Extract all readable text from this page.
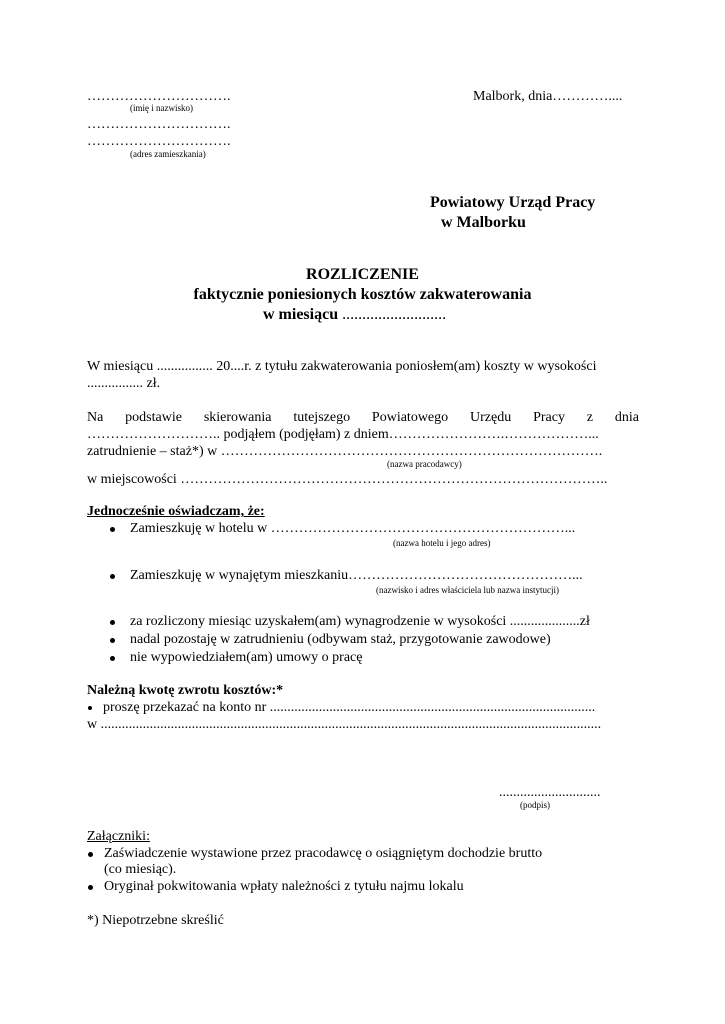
………………………….
(imię i nazwisko)
………………………….
………………………….
(adres zamieszkania)
Malbork, dnia…………....
Powiatowy Urząd Pracy
w Malborku
ROZLICZENIE
faktycznie poniesionych kosztów zakwaterowania
w miesiącu ..........................
W miesiącu ................ 20....r. z tytułu zakwaterowania poniosłem(am) koszty w wysokości
................ zł.
Na podstawie skierowania tutejszego Powiatowego Urzędu Pracy z dnia
……………………….. podjąłem (podjęłam) z dniem…………………….………………...
zatrudnienie – staż*) w ……………………………………………………………………….
(nazwa pracodawcy)
w miejscowości ………………………………………………………………………………..
Jednocześnie oświadczam, że:
Zamieszkuję w hotelu w ………………………………………………………...
(nazwa hotelu i jego adres)
Zamieszkuję w wynajętym mieszkaniu…………………………………………...
(nazwisko i adres właściciela lub nazwa instytucji)
za rozliczony miesiąc uzyskałem(am) wynagrodzenie w wysokości ....................zł
nadal pozostaję w zatrudnieniu (odbywam staż, przygotowanie zawodowe)
nie wypowiedziałem(am) umowy o pracę
Należną kwotę zwrotu kosztów:*
proszę przekazać na konto nr .............................................................................................
w ...............................................................................................................................................
.............................
(podpis)
Załączniki:
Zaświadczenie wystawione przez pracodawcę o osiągniętym dochodzie brutto
(co miesiąc).
Oryginał pokwitowania wpłaty należności z tytułu najmu lokalu
*) Niepotrzebne skreślić
